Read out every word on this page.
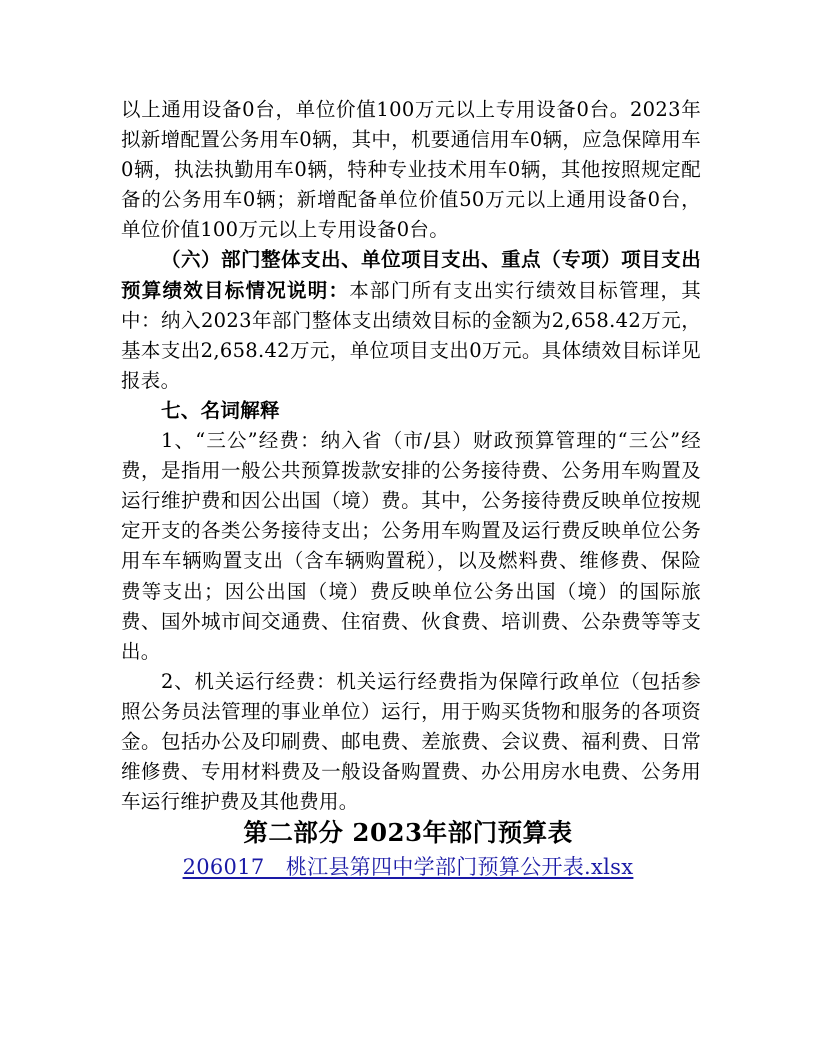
以上通用设备0台，单位价值100万元以上专用设备0台。2023年拟新增配置公务用车0辆，其中，机要通信用车0辆，应急保障用车0辆，执法执勤用车0辆，特种专业技术用车0辆，其他按照规定配备的公务用车0辆；新增配备单位价值50万元以上通用设备0台，单位价值100万元以上专用设备0台。

（六）部门整体支出、单位项目支出、重点（专项）项目支出预算绩效目标情况说明：本部门所有支出实行绩效目标管理，其中：纳入2023年部门整体支出绩效目标的金额为2,658.42万元，基本支出2,658.42万元，单位项目支出0万元。具体绩效目标详见报表。

七、名词解释

1、“三公”经费：纳入省（市/县）财政预算管理的“三公”经费，是指用一般公共预算拨款安排的公务接待费、公务用车购置及运行维护费和因公出国（境）费。其中，公务接待费反映单位按规定开支的各类公务接待支出；公务用车购置及运行费反映单位公务用车车辆购置支出（含车辆购置税），以及燃料费、维修费、保险费等支出；因公出国（境）费反映单位公务出国（境）的国际旅费、国外城市间交通费、住宿费、伙食费、培训费、公杂费等等支出。

2、机关运行经费：机关运行经费指为保障行政单位（包括参照公务员法管理的事业单位）运行，用于购买货物和服务的各项资金。包括办公及印刷费、邮电费、差旅费、会议费、福利费、日常维修费、专用材料费及一般设备购置费、办公用房水电费、公务用车运行维护费及其他费用。

第二部分 2023年部门预算表
206017　桃江县第四中学部门预算公开表.xlsx
